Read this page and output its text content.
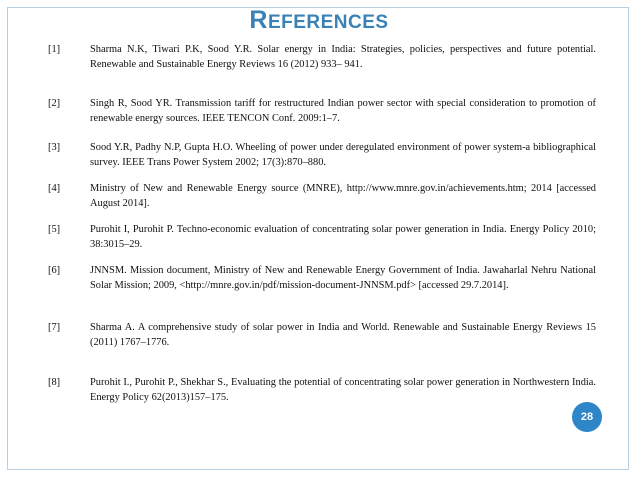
REFERENCES
[1]	Sharma N.K, Tiwari P.K, Sood Y.R. Solar energy in India: Strategies, policies, perspectives and future potential. Renewable and Sustainable Energy Reviews 16 (2012) 933– 941.
[2]	Singh R, Sood YR. Transmission tariff for restructured Indian power sector with special consideration to promotion of renewable energy sources. IEEE TENCON Conf. 2009:1–7.
[3]	Sood Y.R, Padhy N.P, Gupta H.O. Wheeling of power under deregulated environment of power system-a bibliographical survey. IEEE Trans Power System 2002; 17(3):870–880.
[4]	Ministry of New and Renewable Energy source (MNRE), http://www.mnre.gov.in/achievements.htm; 2014 [accessed August 2014].
[5]	Purohit I, Purohit P. Techno-economic evaluation of concentrating solar power generation in India. Energy Policy 2010; 38:3015–29.
[6]	JNNSM. Mission document, Ministry of New and Renewable Energy Government of India. Jawaharlal Nehru National Solar Mission; 2009, <http://mnre.gov.in/pdf/mission-document-JNNSM.pdf> [accessed 29.7.2014].
[7]	Sharma A. A comprehensive study of solar power in India and World. Renewable and Sustainable Energy Reviews 15 (2011) 1767–1776.
[8]	Purohit I., Purohit P., Shekhar S., Evaluating the potential of concentrating solar power generation in Northwestern India. Energy Policy 62(2013)157–175.
28
